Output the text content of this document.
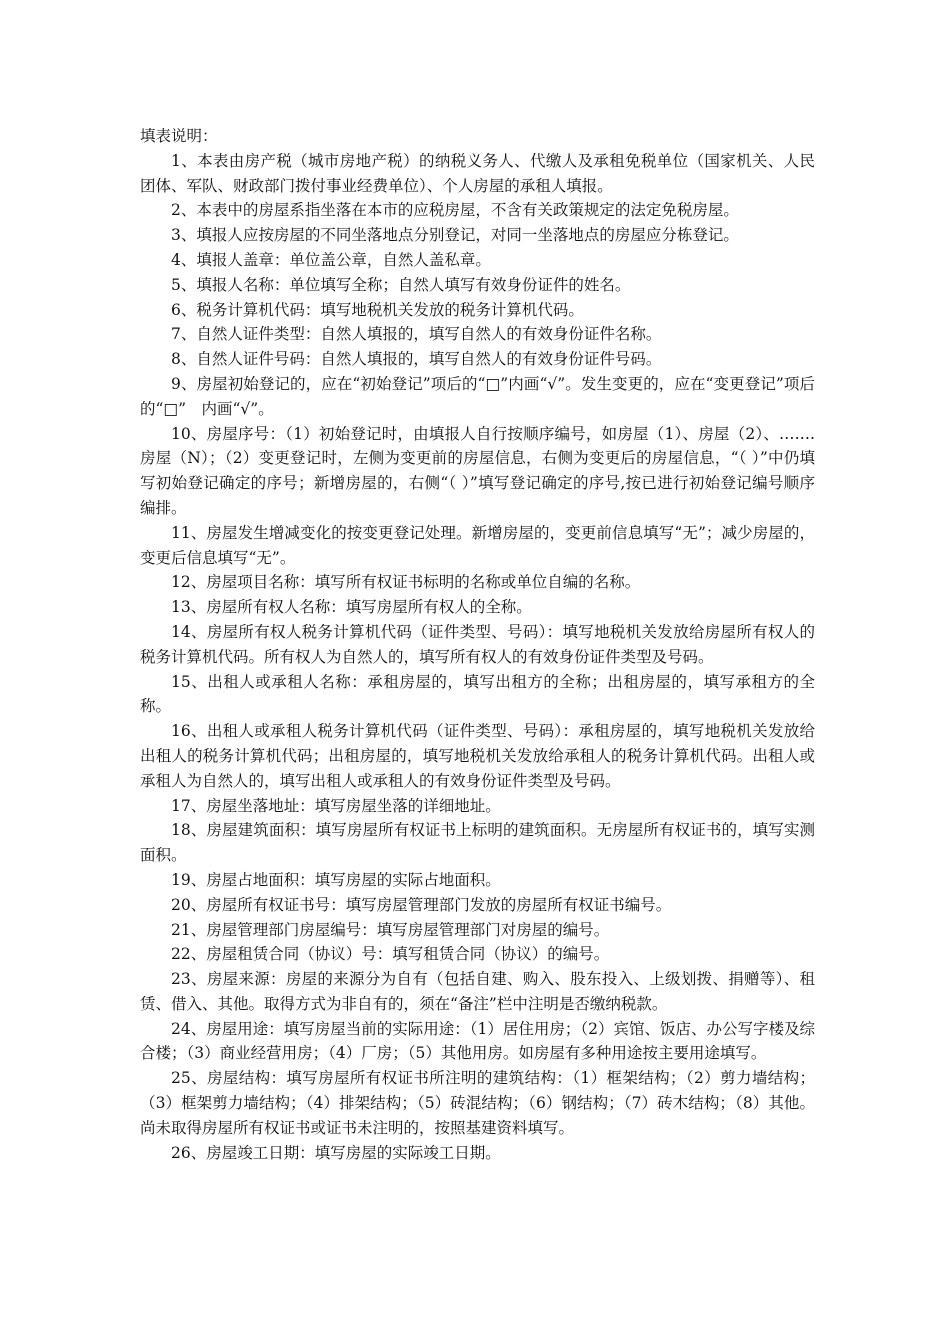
填表说明：

1、本表由房产税（城市房地产税）的纳税义务人、代缴人及承租免税单位（国家机关、人民团体、军队、财政部门拨付事业经费单位）、个人房屋的承租人填报。

2、本表中的房屋系指坐落在本市的应税房屋，不含有关政策规定的法定免税房屋。

3、填报人应按房屋的不同坐落地点分别登记，对同一坐落地点的房屋应分栋登记。

4、填报人盖章：单位盖公章，自然人盖私章。

5、填报人名称：单位填写全称；自然人填写有效身份证件的姓名。

6、税务计算机代码：填写地税机关发放的税务计算机代码。

7、自然人证件类型：自然人填报的，填写自然人的有效身份证件名称。

8、自然人证件号码：自然人填报的，填写自然人的有效身份证件号码。

9、房屋初始登记的，应在“初始登记”项后的“□”内画“√”。发生变更的，应在“变更登记”项后的“□”　内画“√”。

10、房屋序号：（1）初始登记时，由填报人自行按顺序编号，如房屋（1）、房屋（2）、…….房屋（N）；（2）变更登记时，左侧为变更前的房屋信息，右侧为变更后的房屋信息，“（ ）”中仍填写初始登记确定的序号；新增房屋的，右侧“（ ）”填写登记确定的序号,按已进行初始登记编号顺序编排。

11、房屋发生增减变化的按变更登记处理。新增房屋的，变更前信息填写“无”；减少房屋的，变更后信息填写“无”。

12、房屋项目名称：填写所有权证书标明的名称或单位自编的名称。

13、房屋所有权人名称：填写房屋所有权人的全称。

14、房屋所有权人税务计算机代码（证件类型、号码）：填写地税机关发放给房屋所有权人的税务计算机代码。所有权人为自然人的，填写所有权人的有效身份证件类型及号码。

15、出租人或承租人名称：承租房屋的，填写出租方的全称；出租房屋的，填写承租方的全称。

16、出租人或承租人税务计算机代码（证件类型、号码）：承租房屋的，填写地税机关发放给出租人的税务计算机代码；出租房屋的，填写地税机关发放给承租人的税务计算机代码。出租人或承租人为自然人的，填写出租人或承租人的有效身份证件类型及号码。

17、房屋坐落地址：填写房屋坐落的详细地址。

18、房屋建筑面积：填写房屋所有权证书上标明的建筑面积。无房屋所有权证书的，填写实测面积。

19、房屋占地面积：填写房屋的实际占地面积。

20、房屋所有权证书号：填写房屋管理部门发放的房屋所有权证书编号。

21、房屋管理部门房屋编号：填写房屋管理部门对房屋的编号。

22、房屋租赁合同（协议）号：填写租赁合同（协议）的编号。

23、房屋来源：房屋的来源分为自有（包括自建、购入、股东投入、上级划拨、捐赠等）、租赁、借入、其他。取得方式为非自有的，须在“备注”栏中注明是否缴纳税款。

24、房屋用途：填写房屋当前的实际用途：（1）居住用房；（2）宾馆、饭店、办公写字楼及综合楼；（3）商业经营用房；（4）厂房；（5）其他用房。如房屋有多种用途按主要用途填写。

25、房屋结构：填写房屋所有权证书所注明的建筑结构：（1）框架结构；（2）剪力墙结构；（3）框架剪力墙结构；（4）排架结构；（5）砖混结构；（6）钢结构；（7）砖木结构；（8）其他。尚未取得房屋所有权证书或证书未注明的，按照基建资料填写。

26、房屋竣工日期：填写房屋的实际竣工日期。
